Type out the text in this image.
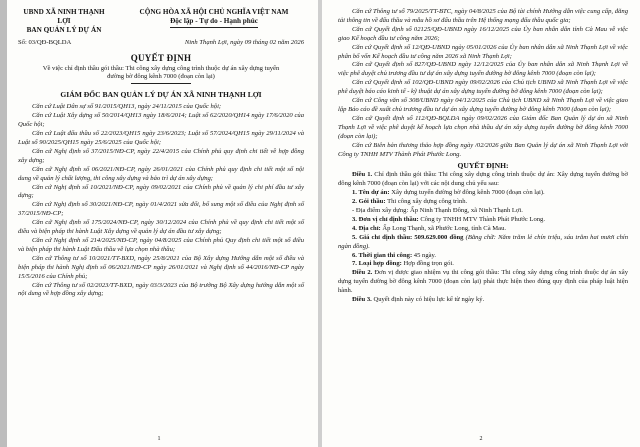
UBND XÃ NINH THẠNH LỢI
BAN QUẢN LÝ DỰ ÁN
CỘNG HÒA XÃ HỘI CHỦ NGHĨA VIỆT NAM
Độc lập - Tự do - Hạnh phúc
Số: 03/QĐ-BQLDA	Ninh Thạnh Lợi, ngày 09 tháng 02 năm 2026
QUYẾT ĐỊNH
Về việc chỉ định thầu gói thầu: Thi công xây dựng công trình thuộc dự án xây dựng tuyến đường bờ đông kênh 7000 (đoạn còn lại)
GIÁM ĐỐC BAN QUẢN LÝ DỰ ÁN XÃ NINH THẠNH LỢI

Căn cứ Luật Dân sự số 91/2015/QH13, ngày 24/11/2015 của Quốc hội;

Căn cứ Luật Xây dựng số 50/2014/QH13 ngày 18/6/2014; Luật số 62/2020/QH14 ngày 17/6/2020 của Quốc hội;

Căn cứ Luật đấu thầu số 22/2023/QH15 ngày 23/6/2023; Luật số 57/2024/QH15 ngày 29/11/2024 và Luật số 90/2025/QH15 ngày 25/6/2025 của Quốc hội;

Căn cứ Nghị định số 37/2015/NĐ-CP, ngày 22/4/2015 của Chính phủ quy định chi tiết về hợp đồng xây dựng;

Căn cứ Nghị định số 06/2021/NĐ-CP, ngày 26/01/2021 của Chính phủ quy định chi tiết một số nội dung về quản lý chất lượng, thi công xây dựng và bảo trì dự án xây dựng;

Căn cứ Nghị định số 10/2021/NĐ-CP, ngày 09/02/2021 của Chính phủ về quản lý chi phí đầu tư xây dựng;

Căn cứ Nghị định số 30/2021/NĐ-CP, ngày 01/4/2021 sửa đổi, bổ sung một số điều của Nghị định số 37/2015/NĐ-CP;

Căn cứ Nghị định số 175/2024/NĐ-CP, ngày 30/12/2024 của Chính phủ về quy định chi tiết một số điều và biện pháp thi hành Luật Xây dựng về quản lý dự án đầu tư xây dựng;

Căn cứ Nghị định số 214/2025/NĐ-CP, ngày 04/8/2025 của Chính phủ Quy định chi tiết một số điều và biện pháp thi hành Luật Đấu thầu về lựa chọn nhà thầu;

Căn cứ Thông tư số 10/2021/TT-BXD, ngày 25/8/2021 của Bộ Xây dựng Hướng dẫn một số điều và biện pháp thi hành Nghị định số 06/2021/NĐ-CP ngày 26/01/2021 và Nghị định số 44/2016/NĐ-CP ngày 15/5/2016 của Chính phủ;

Căn cứ Thông tư số 02/2023/TT-BXD, ngày 03/3/2023 của Bộ trưởng Bộ Xây dựng hướng dẫn một số nội dung về hợp đồng xây dựng;

1

Căn cứ Thông tư số 79/2025/TT-BTC, ngày 04/8/2025 của Bộ tài chính Hướng dẫn việc cung cấp, đăng tải thông tin về đấu thầu và mẫu hồ sơ đấu thầu trên Hệ thống mạng đấu thầu quốc gia;

Căn cứ Quyết định số 02125/QĐ-UBND ngày 16/12/2025 của Ủy ban nhân dân tỉnh Cà Mau về việc giao Kế hoạch đầu tư công năm 2026;

Căn cứ Quyết định số 12/QĐ-UBND ngày 05/01/2026 của Ủy ban nhân dân xã Ninh Thạnh Lợi về việc phân bổ vốn Kế hoạch đầu tư công năm 2026 xã Ninh Thạnh Lợi;

Căn cứ Quyết định số 827/QĐ-UBND ngày 12/12/2025 của Ủy ban nhân dân xã Ninh Thạnh Lợi về việc phê duyệt chủ trương đầu tư dự án xây dựng tuyến đường bờ đông kênh 7000 (đoạn còn lại);

Căn cứ Quyết định số 102/QĐ-UBND ngày 09/02/2026 của Chủ tịch UBND xã Ninh Thạnh Lợi về việc phê duyệt báo cáo kinh tế - kỹ thuật dự án xây dựng tuyến đường bờ đông kênh 7000 (đoạn còn lại);

Căn cứ Công văn số 308/UBND ngày 04/12/2025 của Chủ tịch UBND xã Ninh Thạnh Lợi về việc giao lập Báo cáo đề xuất chủ trương đầu tư dự án xây dựng tuyến đường bờ đông kênh 7000 (đoạn còn lại);

Căn cứ Quyết định số 112/QĐ-BQLDA ngày 09/02/2026 của Giám đốc Ban Quản lý dự án xã Ninh Thạnh Lợi về việc phê duyệt kế hoạch lựa chọn nhà thầu dự án xây dựng tuyến đường bờ đông kênh 7000 (đoạn còn lại);

Căn cứ Biên bản thương thảo hợp đồng ngày /02/2026 giữa Ban Quản lý dự án xã Ninh Thạnh Lợi với Công ty TNHH MTV Thành Phát Phước Long.

QUYẾT ĐỊNH:

Điều 1. Chỉ định thầu gói thầu: Thi công xây dựng công trình thuộc dự án: Xây dựng tuyến đường bờ đông kênh 7000 (đoạn còn lại) với các nội dung chủ yếu sau:

1. Tên dự án: Xây dựng tuyến đường bờ đông kênh 7000 (đoạn còn lại).

2. Gói thầu: Thi công xây dựng công trình.

- Địa điểm xây dựng: Ấp Ninh Thạnh Đông, xã Ninh Thạnh Lợi.

3. Đơn vị chỉ định thầu: Công ty TNHH MTV Thành Phát Phước Long.

4. Địa chỉ: Ấp Long Thạnh, xã Phước Long, tỉnh Cà Mau.

5. Giá chỉ định thầu: 509.629.000 đồng (Bằng chữ: Năm trăm lẻ chín triệu, sáu trăm hai mươi chín ngàn đồng).

6. Thời gian thi công: 45 ngày.

7. Loại hợp đồng: Hợp đồng trọn gói.

Điều 2. Đơn vị được giao nhiệm vụ thi công gói thầu: Thi công xây dựng công trình thuộc dự án xây dựng tuyến đường bờ đông kênh 7000 (đoạn còn lại) phải thực hiện theo đúng quy định của pháp luật hiện hành.

Điều 3. Quyết định này có hiệu lực kể từ ngày ký.

2
